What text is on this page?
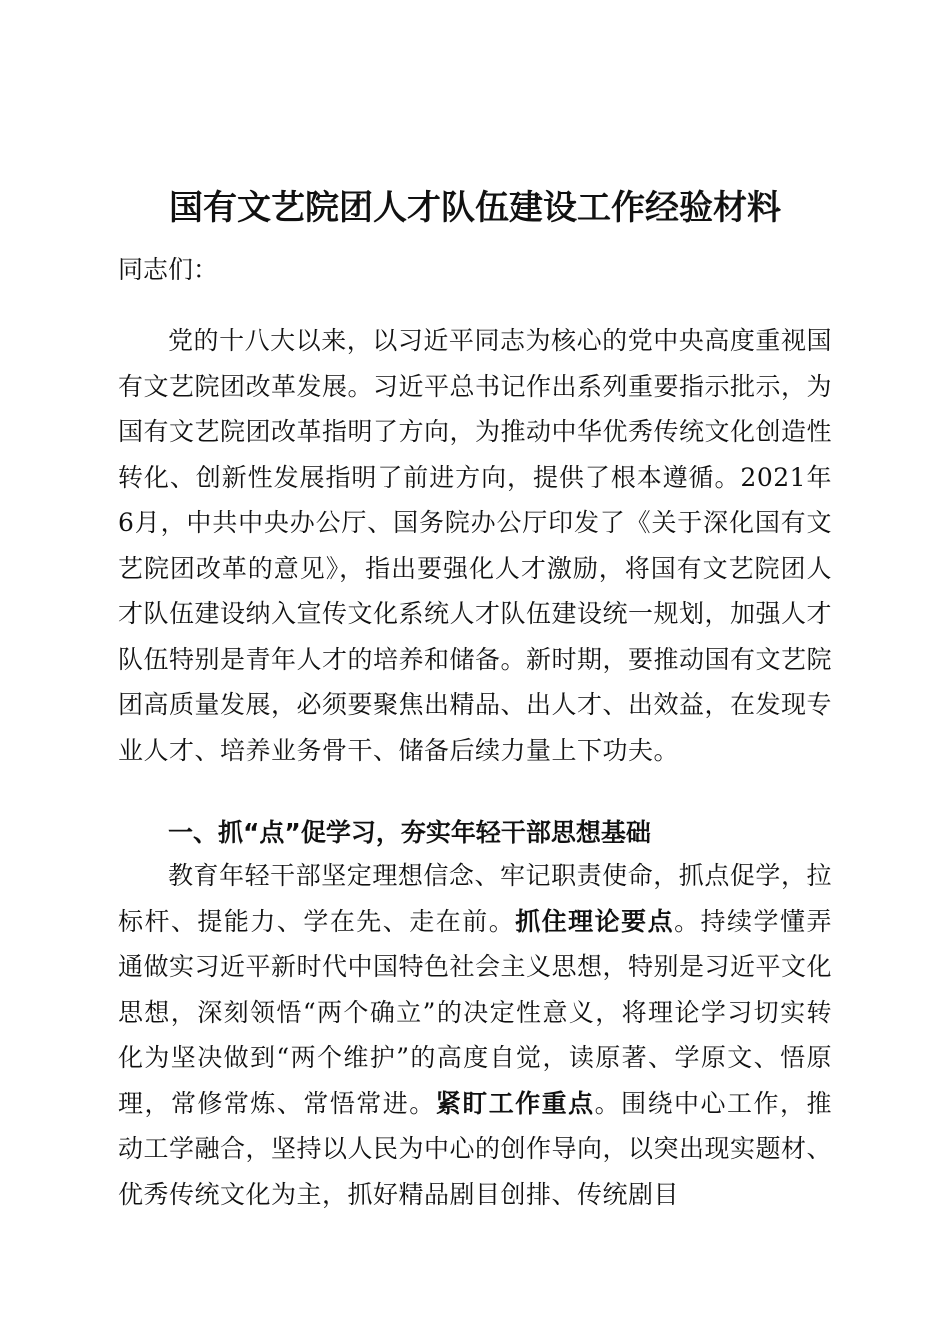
国有文艺院团人才队伍建设工作经验材料

同志们：

党的十八大以来，以习近平同志为核心的党中央高度重视国有文艺院团改革发展。习近平总书记作出系列重要指示批示，为国有文艺院团改革指明了方向，为推动中华优秀传统文化创造性转化、创新性发展指明了前进方向，提供了根本遵循。2021年6月，中共中央办公厅、国务院办公厅印发了《关于深化国有文艺院团改革的意见》，指出要强化人才激励，将国有文艺院团人才队伍建设纳入宣传文化系统人才队伍建设统一规划，加强人才队伍特别是青年人才的培养和储备。新时期，要推动国有文艺院团高质量发展，必须要聚焦出精品、出人才、出效益，在发现专业人才、培养业务骨干、储备后续力量上下功夫。

一、抓“点”促学习，夯实年轻干部思想基础

教育年轻干部坚定理想信念、牢记职责使命，抓点促学，拉标杆、提能力、学在先、走在前。抓住理论要点。持续学懂弄通做实习近平新时代中国特色社会主义思想，特别是习近平文化思想，深刻领悟“两个确立”的决定性意义，将理论学习切实转化为坚决做到“两个维护”的高度自觉，读原著、学原文、悟原理，常修常炼、常悟常进。紧盯工作重点。围绕中心工作，推动工学融合，坚持以人民为中心的创作导向，以突出现实题材、优秀传统文化为主，抓好精品剧目创排、传统剧目
